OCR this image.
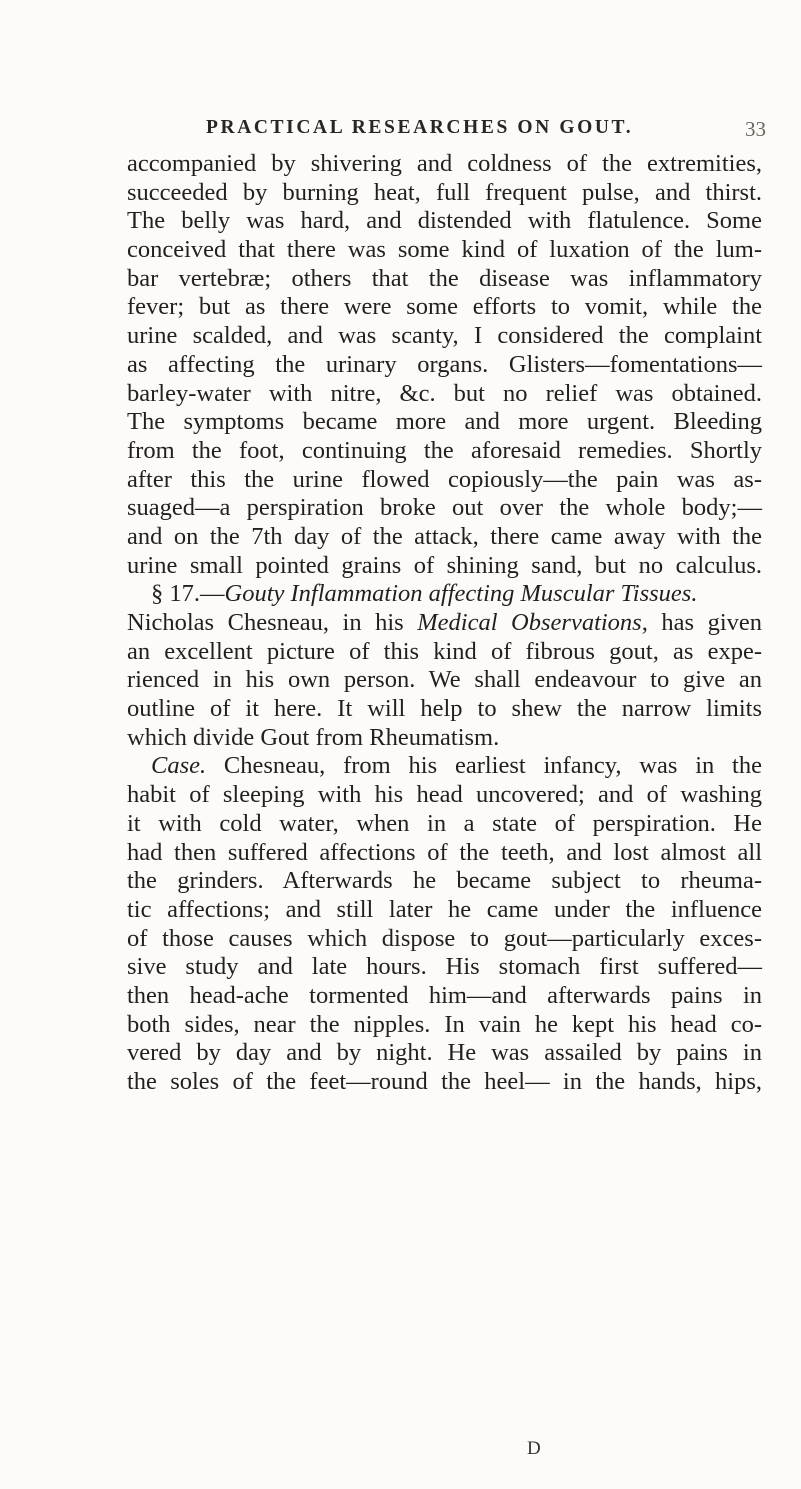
PRACTICAL RESEARCHES ON GOUT.	33
accompanied by shivering and coldness of the extremities,
succeeded by burning heat, full frequent pulse, and thirst.
The belly was hard, and distended with flatulence. Some
conceived that there was some kind of luxation of the lum-
bar vertebræ; others that the disease was inflammatory
fever; but as there were some efforts to vomit, while the
urine scalded, and was scanty, I considered the complaint
as affecting the urinary organs. Glisters—fomentations—
barley-water with nitre, &c. but no relief was obtained.
The symptoms became more and more urgent. Bleeding
from the foot, continuing the aforesaid remedies. Shortly
after this the urine flowed copiously—the pain was as-
suaged—a perspiration broke out over the whole body;—
and on the 7th day of the attack, there came away with the
urine small pointed grains of shining sand, but no calculus.
§ 17.—Gouty Inflammation affecting Muscular Tissues.
Nicholas Chesneau, in his Medical Observations, has given
an excellent picture of this kind of fibrous gout, as expe-
rienced in his own person. We shall endeavour to give an
outline of it here. It will help to shew the narrow limits
which divide Gout from Rheumatism.
Case. Chesneau, from his earliest infancy, was in the
habit of sleeping with his head uncovered; and of washing
it with cold water, when in a state of perspiration. He
had then suffered affections of the teeth, and lost almost all
the grinders. Afterwards he became subject to rheuma-
tic affections; and still later he came under the influence
of those causes which dispose to gout—particularly exces-
sive study and late hours. His stomach first suffered—
then head-ache tormented him—and afterwards pains in
both sides, near the nipples. In vain he kept his head co-
vered by day and by night. He was assailed by pains in
the soles of the feet—round the heel— in the hands, hips,
D
